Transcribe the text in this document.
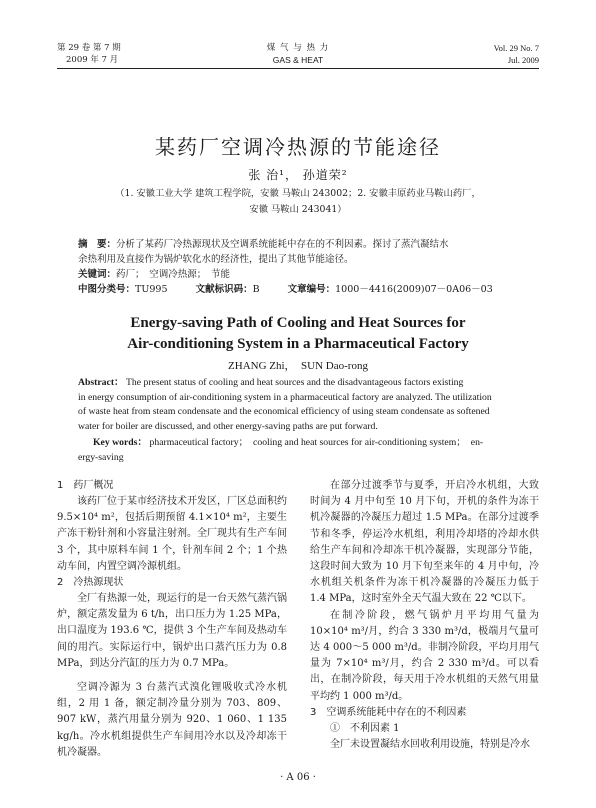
第 29 卷 第 7 期
2009 年 7 月
煤 气 与 热 力
GAS & HEAT
Vol. 29 No. 7
Jul. 2009
某药厂空调冷热源的节能途径
张 治¹， 孙道荣²
（1. 安徽工业大学 建筑工程学院，安徽 马鞍山 243002；2. 安徽丰原药业马鞍山药厂，
安徽 马鞍山 243041）
摘　要：分析了某药厂冷热源现状及空调系统能耗中存在的不利因素。探讨了蒸汽凝结水
余热利用及直接作为锅炉软化水的经济性，提出了其他节能途径。
关键词：药厂；　空调冷热源；　节能
中图分类号：TU995	文献标识码：B	文章编号：1000－4416(2009)07－0A06－03
Energy-saving Path of Cooling and Heat Sources for
Air-conditioning System in a Pharmaceutical Factory
ZHANG Zhi，　SUN Dao-rong
Abstract： The present status of cooling and heat sources and the disadvantageous factors existing
in energy consumption of air-conditioning system in a pharmaceutical factory are analyzed. The utilization
of waste heat from steam condensate and the economical efficiency of using steam condensate as softened
water for boiler are discussed, and other energy-saving paths are put forward.
Key words： pharmaceutical factory；　cooling and heat sources for air-conditioning system；　en-
ergy-saving

1　药厂概况

该药厂位于某市经济技术开发区，厂区总面积约 9.5×10⁴ m²，包括后期预留 4.1×10⁴ m²，主要生产冻干粉针剂和小容量注射剂。全厂现共有生产车间 3 个，其中原料车间 1 个，针剂车间 2 个；1 个热动车间，内置空调冷源机组。

2　冷热源现状

全厂有热源一处，现运行的是一台天然气蒸汽锅炉，额定蒸发量为 6 t/h，出口压力为 1.25 MPa，出口温度为 193.6 ℃，提供 3 个生产车间及热动车间的用汽。实际运行中，锅炉出口蒸汽压力为 0.8 MPa，到达分汽缸的压力为 0.7 MPa。

空调冷源为 3 台蒸汽式溴化锂吸收式冷水机组，2 用 1 备，额定制冷量分别为 703、809、907 kW，蒸汽用量分别为 920、1 060、1 135 kg/h。冷水机组提供生产车间用冷水以及冷却冻干机冷凝器。

在部分过渡季节与夏季，开启冷水机组，大致时间为 4 月中旬至 10 月下旬，开机的条件为冻干机冷凝器的冷凝压力超过 1.5 MPa。在部分过渡季节和冬季，停运冷水机组，利用冷却塔的冷却水供给生产车间和冷却冻干机冷凝器，实现部分节能，这段时间大致为 10 月下旬至来年的 4 月中旬，冷水机组关机条件为冻干机冷凝器的冷凝压力低于 1.4 MPa，这时室外全天气温大致在 22 ℃以下。

在制冷阶段，燃气锅炉月平均用气量为 10×10⁴ m³/月，约合 3 330 m³/d，极端月气量可达 4 000～5 000 m³/d。非制冷阶段，平均月用气量为 7×10⁴ m³/月，约合 2 330 m³/d。可以看出，在制冷阶段，每天用于冷水机组的天然气用量平均约 1 000 m³/d。

3　空调系统能耗中存在的不利因素

①　不利因素 1

全厂未设置凝结水回收利用设施，特别是冷水

· A 06 ·
